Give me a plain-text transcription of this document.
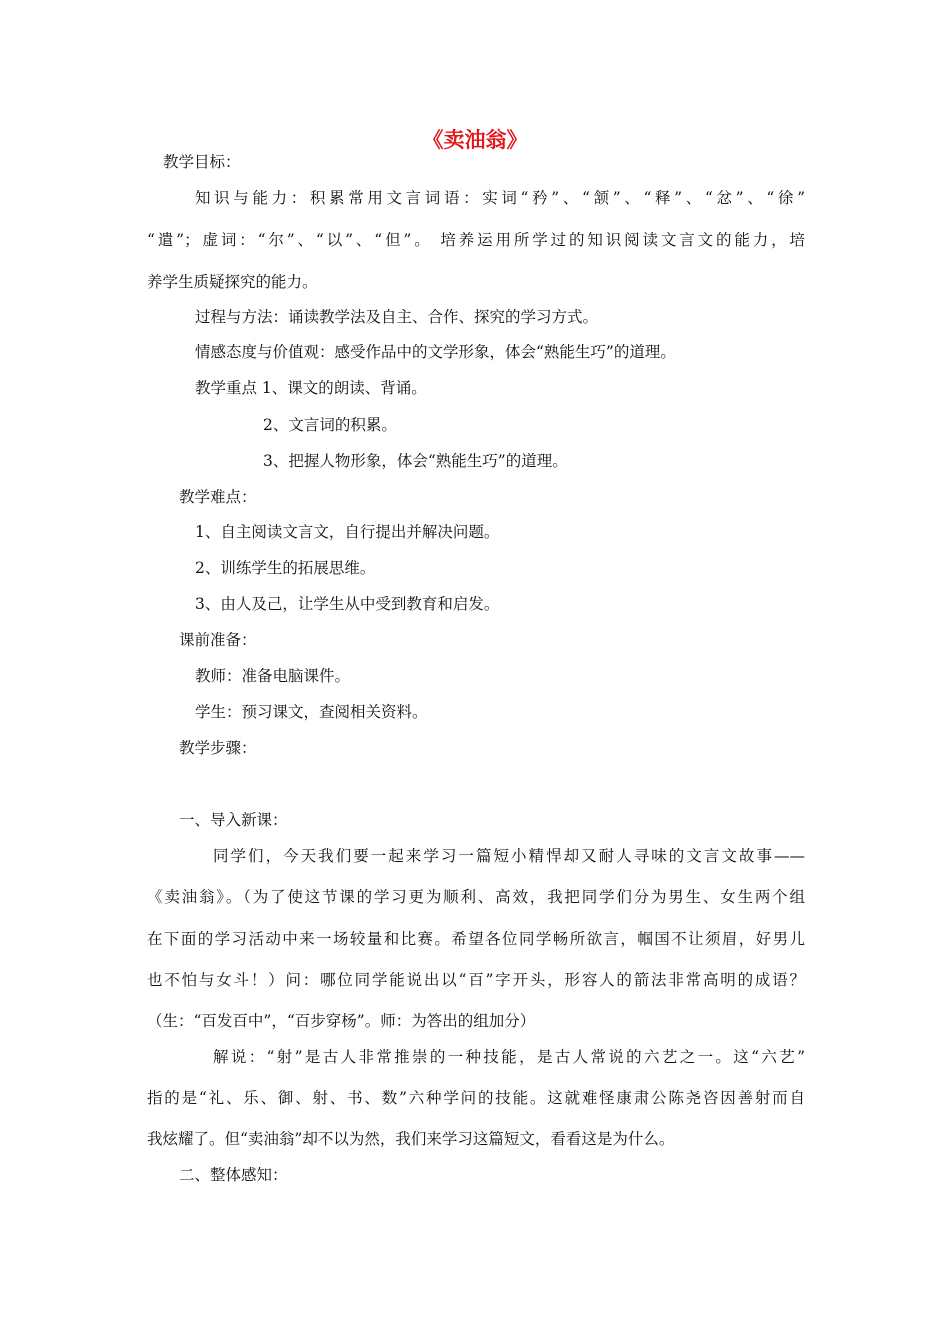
《卖油翁》
教学目标：
知识与能力：积累常用文言词语：实词“矜”、“颔”、“释”、“忿”、“徐”
“遣”；虚词：“尔”、“以”、“但”。 培养运用所学过的知识阅读文言文的能力，培
养学生质疑探究的能力。
过程与方法：诵读教学法及自主、合作、探究的学习方式。
情感态度与价值观：感受作品中的文学形象，体会“熟能生巧”的道理。
教学重点 1、课文的朗读、背诵。
2、文言词的积累。
3、把握人物形象，体会“熟能生巧”的道理。
教学难点：
1、自主阅读文言文，自行提出并解决问题。
2、训练学生的拓展思维。
3、由人及己，让学生从中受到教育和启发。
课前准备：
教师：准备电脑课件。
学生：预习课文，查阅相关资料。
教学步骤：
一、导入新课：
同学们，今天我们要一起来学习一篇短小精悍却又耐人寻味的文言文故事——
《卖油翁》。（为了使这节课的学习更为顺利、高效，我把同学们分为男生、女生两个组
在下面的学习活动中来一场较量和比赛。希望各位同学畅所欲言，帼国不让须眉，好男儿
也不怕与女斗！）问：哪位同学能说出以“百”字开头，形容人的箭法非常高明的成语？
（生：“百发百中”，“百步穿杨”。师：为答出的组加分）
解说：“射”是古人非常推崇的一种技能，是古人常说的六艺之一。这“六艺”
指的是“礼、乐、御、射、书、数”六种学问的技能。这就难怪康肃公陈尧咨因善射而自
我炫耀了。但“卖油翁”却不以为然，我们来学习这篇短文，看看这是为什么。
二、整体感知：
